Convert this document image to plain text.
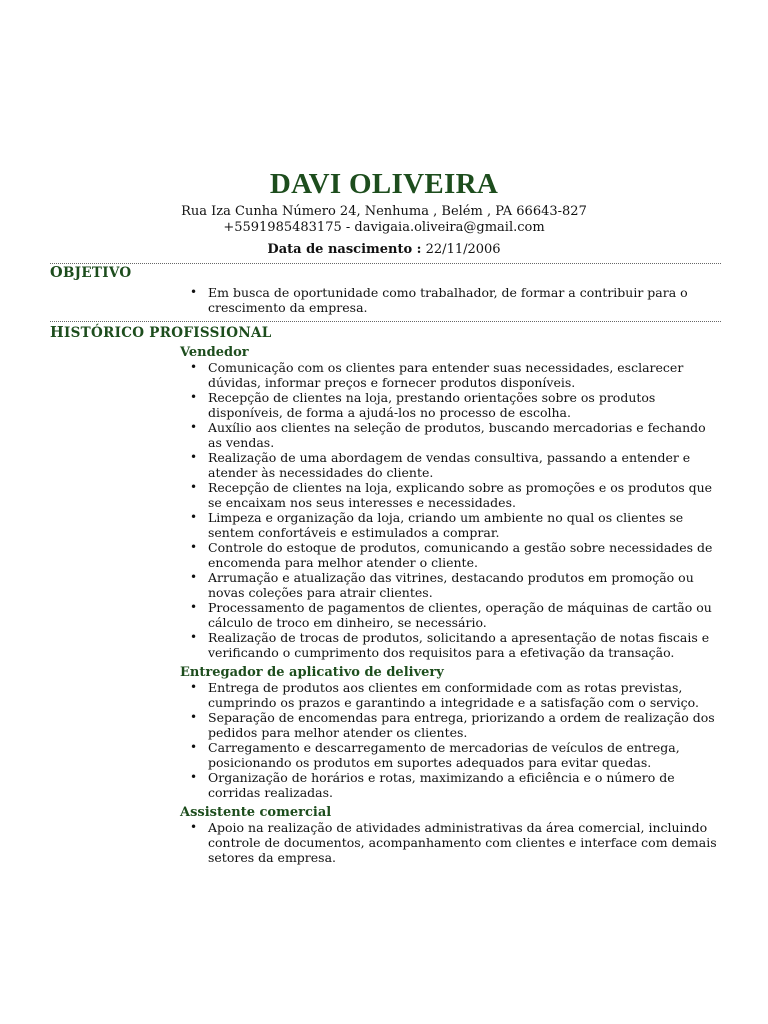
DAVI OLIVEIRA

Rua Iza Cunha Número 24, Nenhuma , Belém , PA 66643-827

+5591985483175 - davigaia.oliveira@gmail.com

Data de nascimento : 22/11/2006
OBJETIVO
• Em busca de oportunidade como trabalhador, de formar a contribuir para o crescimento da empresa.
HISTÓRICO PROFISSIONAL
Vendedor
• Comunicação com os clientes para entender suas necessidades, esclarecer dúvidas, informar preços e fornecer produtos disponíveis.
• Recepção de clientes na loja, prestando orientações sobre os produtos disponíveis, de forma a ajudá-los no processo de escolha.
• Auxílio aos clientes na seleção de produtos, buscando mercadorias e fechando as vendas.
• Realização de uma abordagem de vendas consultiva, passando a entender e atender às necessidades do cliente.
• Recepção de clientes na loja, explicando sobre as promoções e os produtos que se encaixam nos seus interesses e necessidades.
• Limpeza e organização da loja, criando um ambiente no qual os clientes se sentem confortáveis e estimulados a comprar.
• Controle do estoque de produtos, comunicando a gestão sobre necessidades de encomenda para melhor atender o cliente.
• Arrumação e atualização das vitrines, destacando produtos em promoção ou novas coleções para atrair clientes.
• Processamento de pagamentos de clientes, operação de máquinas de cartão ou cálculo de troco em dinheiro, se necessário.
• Realização de trocas de produtos, solicitando a apresentação de notas fiscais e verificando o cumprimento dos requisitos para a efetivação da transação.
Entregador de aplicativo de delivery
• Entrega de produtos aos clientes em conformidade com as rotas previstas, cumprindo os prazos e garantindo a integridade e a satisfação com o serviço.
• Separação de encomendas para entrega, priorizando a ordem de realização dos pedidos para melhor atender os clientes.
• Carregamento e descarregamento de mercadorias de veículos de entrega, posicionando os produtos em suportes adequados para evitar quedas.
• Organização de horários e rotas, maximizando a eficiência e o número de corridas realizadas.
Assistente comercial
• Apoio na realização de atividades administrativas da área comercial, incluindo controle de documentos, acompanhamento com clientes e interface com demais setores da empresa.
